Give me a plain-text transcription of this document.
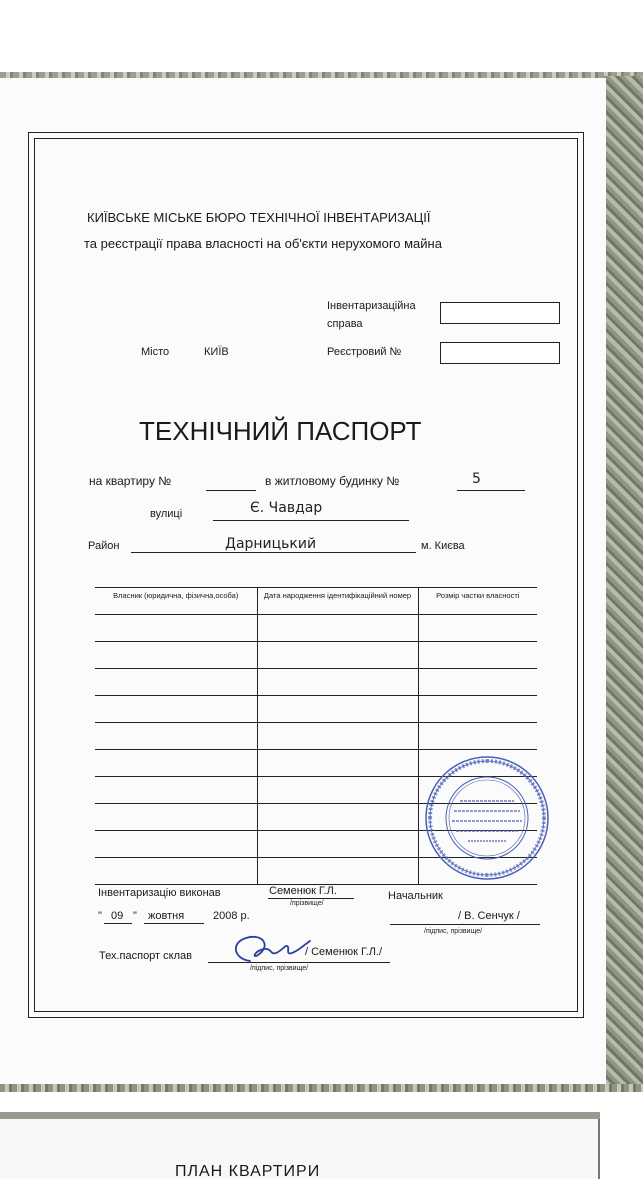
КИЇВСЬКЕ МІСЬКЕ БЮРО ТЕХНІЧНОЇ ІНВЕНТАРИЗАЦІЇ
та реєстрації права власності на об'єкти нерухомого майна
Інвентаризаційна
справа
Місто	КИЇВ	Реєстровий №
ТЕХНІЧНИЙ ПАСПОРТ
на квартиру №	в житловому будинку №	5
вулиці	Є. Чавдар
Район	Дарницький	м. Києва
Власник (юридична, фізична,особа)	Дата народження ідентифікаційний номер	Розмір частки власності

Інвентаризацію виконав	Семенюк Г.Л.
/прізвище/
" 09 " жовтня	2008 р.
Начальник
/ В. Сенчук /
/підпис, прізвище/
Тех.паспорт склав	/ Семенюк Г.Л./
/підпис, прізвище/
ПЛАН КВАРТИРИ
